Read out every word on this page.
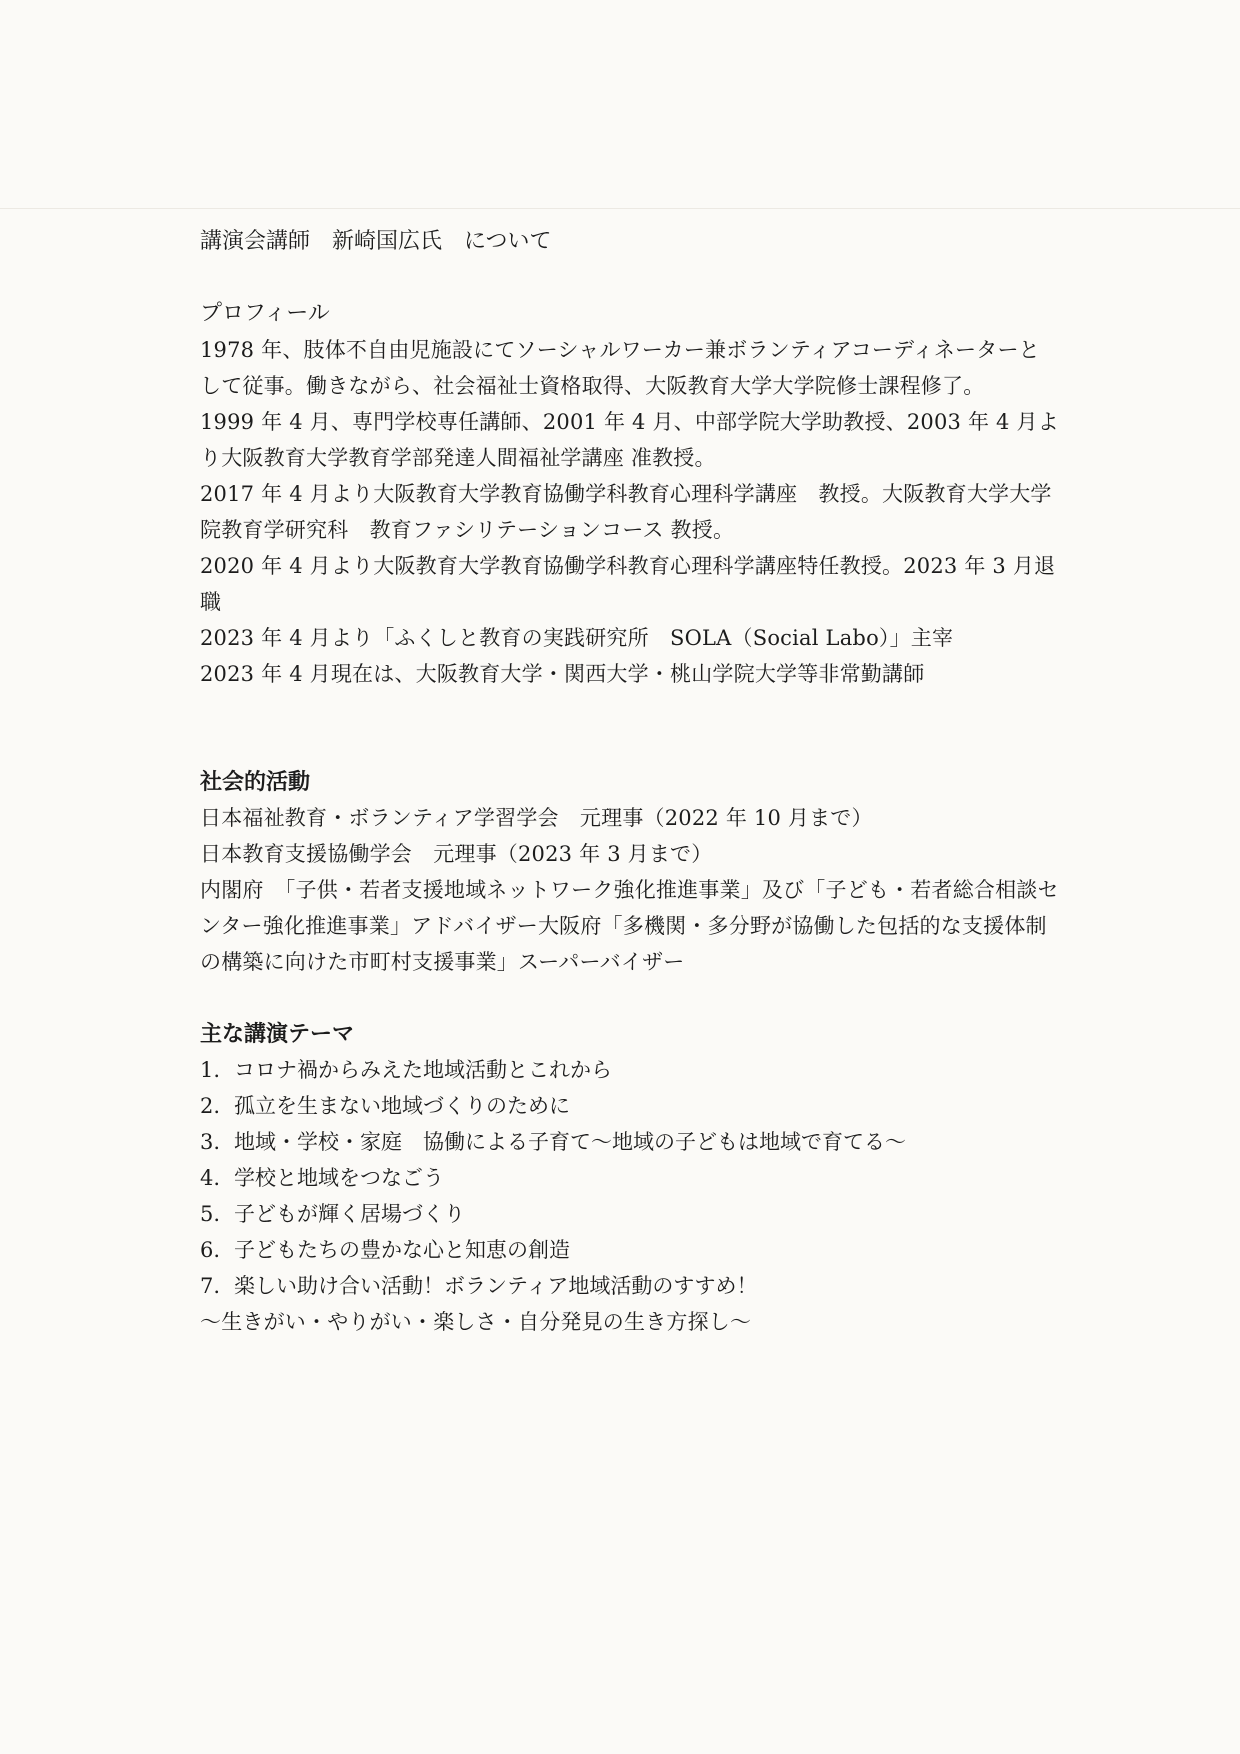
講演会講師　新崎国広氏　について

プロフィール

1978 年、肢体不自由児施設にてソーシャルワーカー兼ボランティアコーディネーターとして従事。働きながら、社会福祉士資格取得、大阪教育大学大学院修士課程修了。

1999 年 4 月、専門学校専任講師、2001 年 4 月、中部学院大学助教授、2003 年 4 月より大阪教育大学教育学部発達人間福祉学講座 准教授。

2017 年 4 月より大阪教育大学教育協働学科教育心理科学講座　教授。大阪教育大学大学院教育学研究科　教育ファシリテーションコース 教授。

2020 年 4 月より大阪教育大学教育協働学科教育心理科学講座特任教授。2023 年 3 月退職

2023 年 4 月より「ふくしと教育の実践研究所　SOLA（Social Labo）」主宰

2023 年 4 月現在は、大阪教育大学・関西大学・桃山学院大学等非常勤講師

社会的活動

日本福祉教育・ボランティア学習学会　元理事（2022 年 10 月まで）

日本教育支援協働学会　元理事（2023 年 3 月まで）

内閣府　「子供・若者支援地域ネットワーク強化推進事業」及び「子ども・若者総合相談センター強化推進事業」アドバイザー大阪府「多機関・多分野が協働した包括的な支援体制の構築に向けた市町村支援事業」スーパーバイザー

主な講演テーマ

1. コロナ禍からみえた地域活動とこれから
2. 孤立を生まない地域づくりのために
3. 地域・学校・家庭　協働による子育て～地域の子どもは地域で育てる～
4. 学校と地域をつなごう
5. 子どもが輝く居場づくり
6. 子どもたちの豊かな心と知恵の創造
7. 楽しい助け合い活動！ボランティア地域活動のすすめ！

～生きがい・やりがい・楽しさ・自分発見の生き方探し～
